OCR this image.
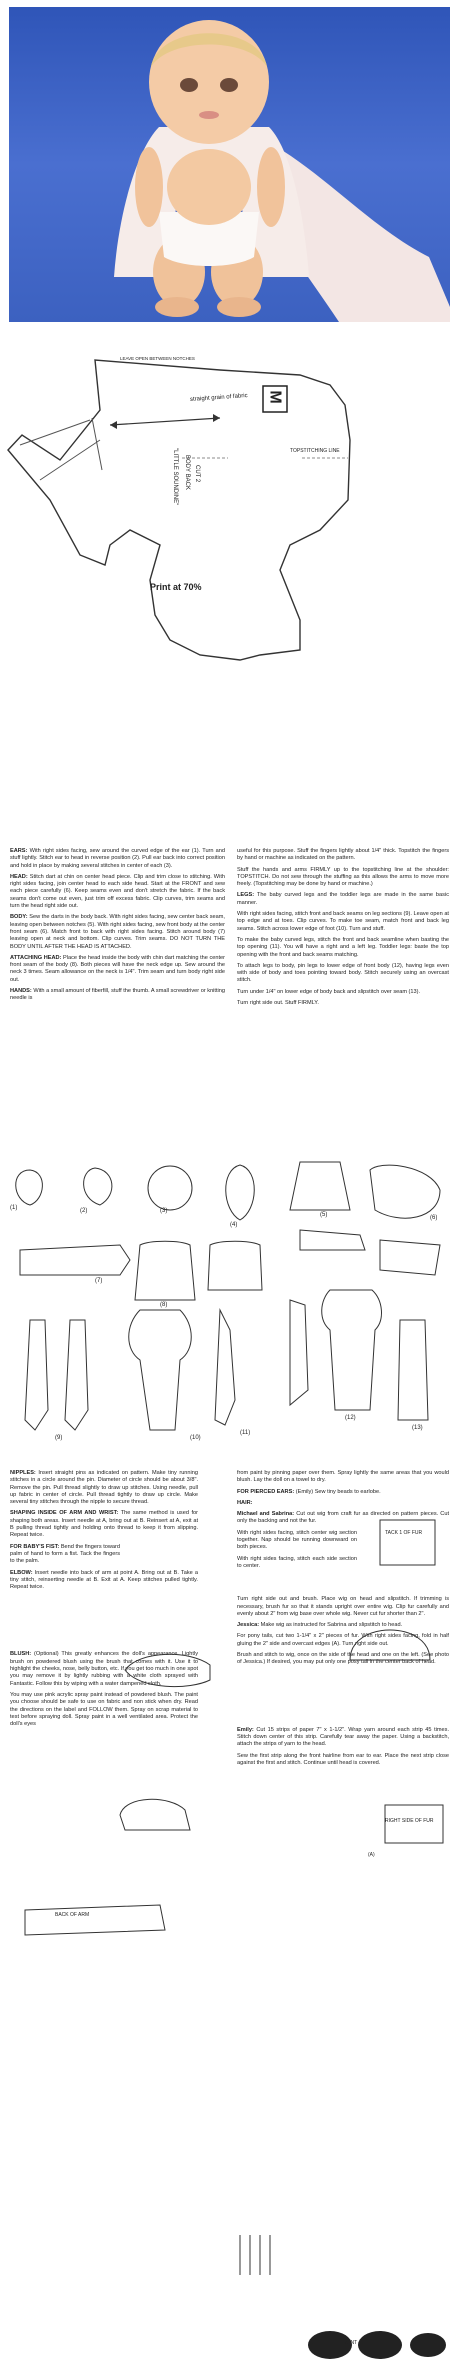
M
"LITTLE SOUNDINE" BODY BACK CUT 2
straight grain of fabric
TOPSTITCHING LINE
LEAVE OPEN BETWEEN NOTCHES
Print at 70%

EARS: With right sides facing, sew around the curved edge of the ear (1). Turn and stuff lightly. Stitch ear to head in reverse position (2). Pull ear back into correct position and hold in place by making several stitches in center of each (3).

HEAD: Stitch dart at chin on center head piece. Clip and trim close to stitching. With right sides facing, join center head to each side head. Start at the FRONT and sew each piece carefully (6). Keep seams even and don't stretch the fabric. If the back seams don't come out even, just trim off excess fabric. Clip curves, trim seams and turn the head right side out.

BODY: Sew the darts in the body back. With right sides facing, sew center back seam, leaving open between notches (5). With right sides facing, sew front body at the center front seam (6). Match front to back with right sides facing. Stitch around body (7) leaving open at neck and bottom. Clip curves. Trim seams. DO NOT TURN THE BODY UNTIL AFTER THE HEAD IS ATTACHED.

ATTACHING HEAD: Place the head inside the body with chin dart matching the center front seam of the body (8). Both pieces will have the neck edge up. Sew around the neck 3 times. Seam allowance on the neck is 1/4". Trim seam and turn body right side out.

HANDS: With a small amount of fiberfill, stuff the thumb. A small screwdriver or knitting needle is

useful for this purpose. Stuff the fingers lightly about 1/4" thick. Topstitch the fingers by hand or machine as indicated on the pattern.

Stuff the hands and arms FIRMLY up to the topstitching line at the shoulder: TOPSTITCH. Do not sew through the stuffing as this allows the arms to move more freely. (Topstitching may be done by hand or machine.)

LEGS: The baby curved legs and the toddler legs are made in the same basic manner.

With right sides facing, stitch front and back seams on leg sections (9). Leave open at top edge and at toes. Clip curves. To make toe seam, match front and back leg seams. Stitch across lower edge of foot (10). Turn and stuff.

To make the baby curved legs, stitch the front and back seamline when basting the top opening (11). You will have a right and a left leg. Toddler legs: baste the top opening with the front and back seams matching.

To attach legs to body, pin legs to lower edge of front body (12), having legs even with side of body and toes pointing toward body. Stitch securely using an overcast stitch.

Turn under 1/4" on lower edge of body back and slipstitch over seam (13).

Turn right side out. Stuff FIRMLY.

(1)	(2)	(3)
(4)
(5)	(6)
(7)
(8)
(9)	(10)
(11)
(12)
(13)

NIPPLES: Insert straight pins as indicated on pattern. Make tiny running stitches in a circle around the pin. Diameter of circle should be about 3/8". Remove the pin. Pull thread slightly to draw up stitches. Using needle, pull up fabric in center of circle. Pull thread tightly to draw up circle. Make several tiny stitches through the nipple to secure thread.

SHAPING INSIDE OF ARM AND WRIST: The same method is used for shaping both areas. Insert needle at A, bring out at B. Reinsert at A, exit at B pulling thread tightly and holding onto thread to keep it from slipping. Repeat twice.

FOR BABY'S FIST: Bend the fingers toward palm of hand to form a fist. Tack the fingers to the palm.

ELBOW: Insert needle into back of arm at point A. Bring out at B. Take a tiny stitch, reinserting needle at B. Exit at A. Keep stitches pulled tightly. Repeat twice.

BLUSH: (Optional) This greatly enhances the doll's appearance. Lightly brush on powdered blush using the brush that comes with it. Use it to highlight the cheeks, nose, belly button, etc. If you get too much in one spot you may remove it by lightly rubbing with a white cloth sprayed with Fantastic. Follow this by wiping with a water dampened cloth.

You may use pink acrylic spray paint instead of powdered blush. The paint you choose should be safe to use on fabric and non stick when dry. Read the directions on the label and FOLLOW them. Spray on scrap material to test before spraying doll. Spray paint in a well ventilated area. Protect the doll's eyes

from paint by pinning paper over them. Spray lightly the same areas that you would blush. Lay the doll on a towel to dry.

FOR PIERCED EARS: (Emily) Sew tiny beads to earlobe.

HAIR:

Michael and Sabrina: Cut out wig from craft fur as directed on pattern pieces. Cut only the backing and not the fur.

With right sides facing, stitch center wig section together. Nap should be running downward on both pieces.

With right sides facing, stitch each side section to center.

Turn right side out and brush. Place wig on head and slipstitch. If trimming is necessary, brush fur so that it stands upright over entire wig. Clip fur carefully and evenly about 2" from wig base over whole wig. Never cut fur shorter than 2".

Jessica: Make wig as instructed for Sabrina and slipstitch to head.

For pony tails, cut two 1-1/4" x 2" pieces of fur. With right sides facing, fold in half gluing the 2" side and overcast edges (A). Turn right side out.

Brush and stitch to wig, once on the side of the head and one on the left. (See photo of Jessica.) If desired, you may put only one posy tail in the center back of head.

Emily: Cut 15 strips of paper 7" x 1-1/2". Wrap yarn around each strip 45 times. Stitch down center of this strip. Carefully tear away the paper. Using a backstitch, attach the strips of yarn to the head.

Sew the first strip along the front hairline from ear to ear. Place the next strip close against the first and stitch. Continue until head is covered.

BACK OF ARM
TACK 1 OF FUR
RIGHT SIDE OF FUR
(A)
FRONT
